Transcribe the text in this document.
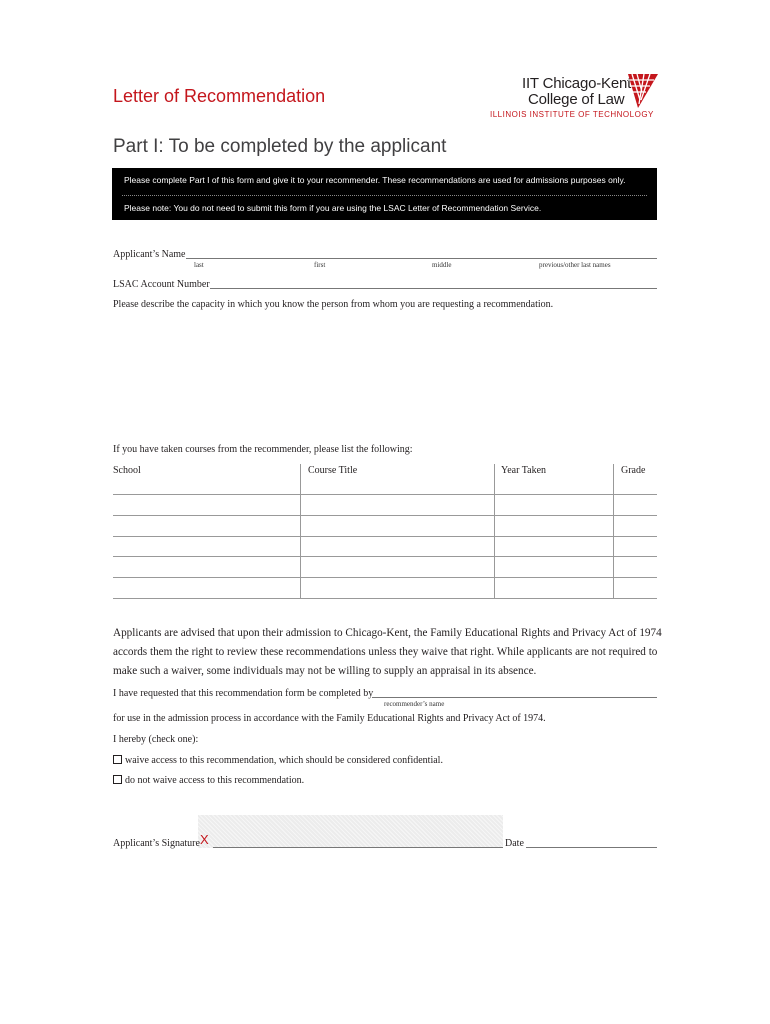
Letter of Recommendation
IIT Chicago-Kent
College of Law
ILLINOIS INSTITUTE OF TECHNOLOGY
Part I: To be completed by the applicant
Please complete Part I of this form and give it to your recommender. These recommendations are used for admissions purposes only.
Please note: You do not need to submit this form if you are using the LSAC Letter of Recommendation Service.
Applicant’s Name
last	first	middle	previous/other last names
LSAC Account Number
Please describe the capacity in which you know the person from whom you are requesting a recommendation.
If you have taken courses from the recommender, please list the following:
School	Course Title	Year Taken	Grade
Applicants are advised that upon their admission to Chicago-Kent, the Family Educational Rights and Privacy Act of 1974 accords them the right to review these recommendations unless they waive that right. While applicants are not required to make such a waiver, some individuals may not be willing to supply an appraisal in its absence.
I have requested that this recommendation form be completed by
recommender’s name
for use in the admission process in accordance with the Family Educational Rights and Privacy Act of 1974.
I hereby (check one):
waive access to this recommendation, which should be considered confidential.
do not waive access to this recommendation.
Applicant’s Signature X	Date
